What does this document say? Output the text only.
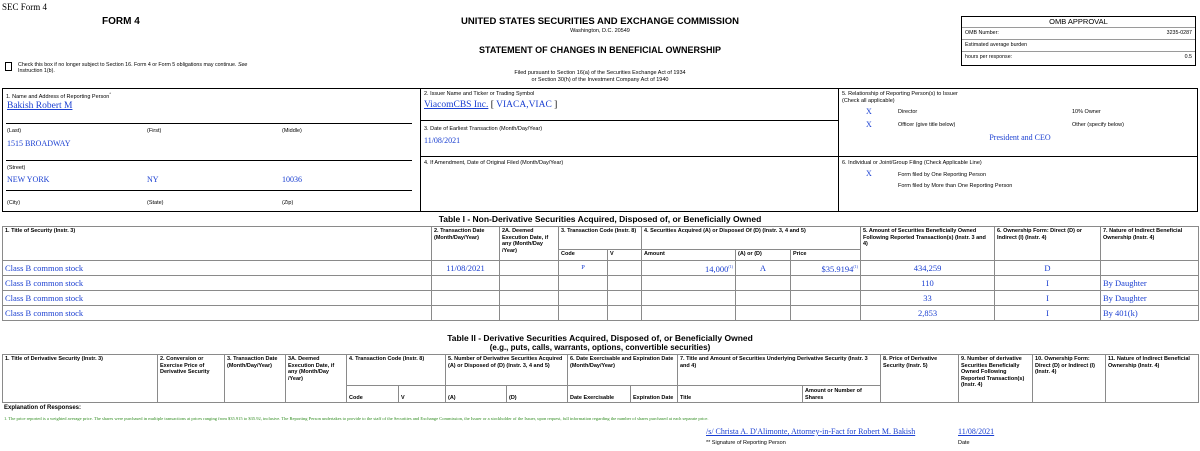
SEC Form 4
FORM 4	UNITED STATES SECURITIES AND EXCHANGE COMMISSION
Washington, D.C. 20549
STATEMENT OF CHANGES IN BENEFICIAL OWNERSHIP
Filed pursuant to Section 16(a) of the Securities Exchange Act of 1934
or Section 30(h) of the Investment Company Act of 1940
Check this box if no longer subject to Section 16. Form 4 or Form 5 obligations may continue. See Instruction 1(b).
OMB APPROVAL
OMB Number:	3235-0287
Estimated average burden
hours per response:	0.5
1. Name and Address of Reporting Person*
Bakish Robert M
(Last)	(First)	(Middle)
1515 BROADWAY
(Street)
NEW YORK	NY	10036
(City)	(State)	(Zip)
2. Issuer Name and Ticker or Trading Symbol
ViacomCBS Inc. [ VIACA,VIAC ]
3. Date of Earliest Transaction (Month/Day/Year)
11/08/2021
4. If Amendment, Date of Original Filed (Month/Day/Year)
5. Relationship of Reporting Person(s) to Issuer
(Check all applicable)
X	Director	10% Owner
X	Officer (give title below)	Other (specify below)
President and CEO
6. Individual or Joint/Group Filing (Check Applicable Line)
X	Form filed by One Reporting Person
Form filed by More than One Reporting Person
Table I - Non-Derivative Securities Acquired, Disposed of, or Beneficially Owned
1. Title of Security (Instr. 3)	2. Transaction Date (Month/Day/Year)	2A. Deemed Execution Date, if any (Month/Day /Year)	3. Transaction Code (Instr. 8)		4. Securities Acquired (A) or Disposed Of (D) (Instr. 3, 4 and 5)			5. Amount of Securities Beneficially Owned Following Reported Transaction(s) (Instr. 3 and 4)	6. Ownership Form: Direct (D) or Indirect (I) (Instr. 4)	7. Nature of Indirect Beneficial Ownership (Instr. 4)
			Code	V	Amount	(A) or (D)	Price			
Class B common stock	11/08/2021		P		14,000$^{(1)}$	A	$35.9194$^{(1)}$	434,259	D	
Class B common stock								110	I	By Daughter
Class B common stock								33	I	By Daughter
Class B common stock								2,853	I	By 401(k)
Table II - Derivative Securities Acquired, Disposed of, or Beneficially Owned
(e.g., puts, calls, warrants, options, convertible securities)
1. Title of Derivative Security (Instr. 3)	2. Conversion or Exercise Price of Derivative Security	3. Transaction Date (Month/Day/Year)	3A. Deemed Execution Date, if any (Month/Day /Year)	4. Transaction Code (Instr. 8)		5. Number of Derivative Securities Acquired (A) or Disposed of (D) (Instr. 3, 4 and 5)		6. Date Exercisable and Expiration Date (Month/Day/Year)		7. Title and Amount of Securities Underlying Derivative Security (Instr. 3 and 4)		8. Price of Derivative Security (Instr. 5)	9. Number of derivative Securities Beneficially Owned Following Reported Transaction(s) (Instr. 4)	10. Ownership Form: Direct (D) or Indirect (I) (Instr. 4)	11. Nature of Indirect Beneficial Ownership (Instr. 4)
				Code	V	(A)	(D)	Date Exercisable	Expiration Date	Title	Amount or Number of Shares				
Explanation of Responses:
1. The price reported is a weighted average price. The shares were purchased in multiple transactions at prices ranging from $35.915 to $35.92, inclusive. The Reporting Person undertakes to provide to the staff of the Securities and Exchange Commission, the Issuer or a stockholder of the Issuer, upon request, full information regarding the number of shares purchased at each separate price.
/s/ Christa A. D'Alimonte, Attorney-in-Fact for Robert M. Bakish	11/08/2021
** Signature of Reporting Person	Date
